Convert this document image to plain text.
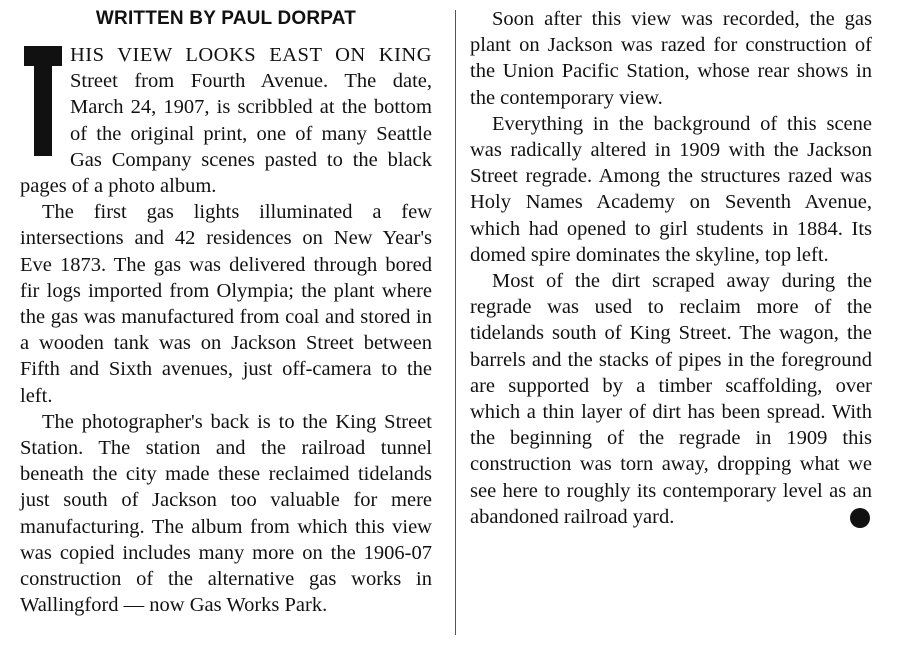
WRITTEN BY PAUL DORPAT

HIS VIEW LOOKS EAST ON KING Street from Fourth Avenue. The date, March 24, 1907, is scribbled at the bottom of the original print, one of many Seattle Gas Company scenes pasted to the black pages of a photo album.

The first gas lights illuminated a few intersections and 42 residences on New Year's Eve 1873. The gas was delivered through bored fir logs imported from Olympia; the plant where the gas was manufactured from coal and stored in a wooden tank was on Jackson Street between Fifth and Sixth avenues, just off-camera to the left.

The photographer's back is to the King Street Station. The station and the railroad tunnel beneath the city made these reclaimed tidelands just south of Jackson too valuable for mere manufacturing. The album from which this view was copied includes many more on the 1906-07 construction of the alternative gas works in Wallingford — now Gas Works Park.

Soon after this view was recorded, the gas plant on Jackson was razed for construction of the Union Pacific Station, whose rear shows in the contemporary view.

Everything in the background of this scene was radically altered in 1909 with the Jackson Street regrade. Among the structures razed was Holy Names Academy on Seventh Avenue, which had opened to girl students in 1884. Its domed spire dominates the skyline, top left.

Most of the dirt scraped away during the regrade was used to reclaim more of the tidelands south of King Street. The wagon, the barrels and the stacks of pipes in the foreground are supported by a timber scaffolding, over which a thin layer of dirt has been spread. With the beginning of the regrade in 1909 this construction was torn away, dropping what we see here to roughly its contemporary level as an abandoned railroad yard.	P
